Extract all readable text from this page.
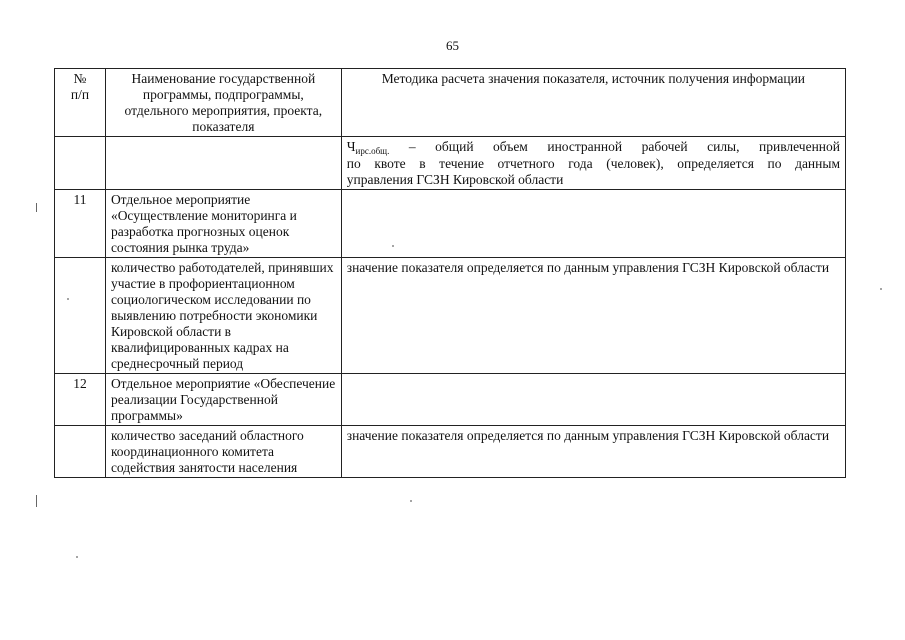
65
№
п/п	Наименование государственной программы, подпрограммы, отдельного мероприятия, проекта, показателя	Методика расчета значения показателя, источник получения информации

		$Ч_{ирс.общ.}$ – общий объем иностранной рабочей силы, привлеченной
по квоте в течение отчетного года (человек), определяется по данным
управления ГСЗН Кировской области

11	Отдельное мероприятие «Осуществление мониторинга и разработка прогнозных оценок состояния рынка труда»	
	количество работодателей, принявших участие в профориентационном социологическом исследовании по выявлению потребности экономики Кировской области в квалифицированных кадрах на среднесрочный период	значение показателя определяется по данным управления ГСЗН Кировской области
12	Отдельное мероприятие «Обеспечение реализации Государственной программы»	
	количество заседаний областного координационного комитета содействия занятости населения	значение показателя определяется по данным управления ГСЗН Кировской области
